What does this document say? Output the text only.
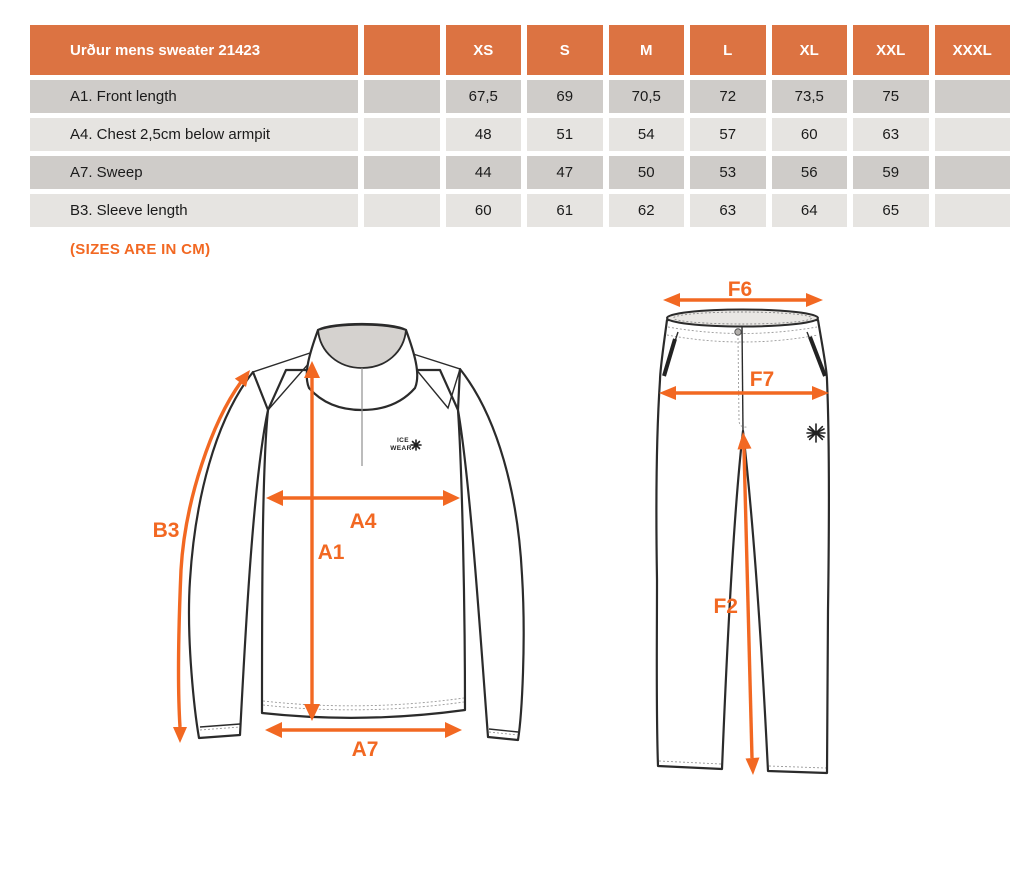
Urður mens sweater 21423	XS	S	M	L	XL	XXL	XXXL
A1. Front length	67,5	69	70,5	72	73,5	75
A4. Chest 2,5cm below armpit	48	51	54	57	60	63
A7. Sweep	44	47	50	53	56	59
B3. Sleeve length	60	61	62	63	64	65
(SIZES ARE IN CM)
ICE
WEAR
B3
A1
A4
A7
F6
F7
F2
